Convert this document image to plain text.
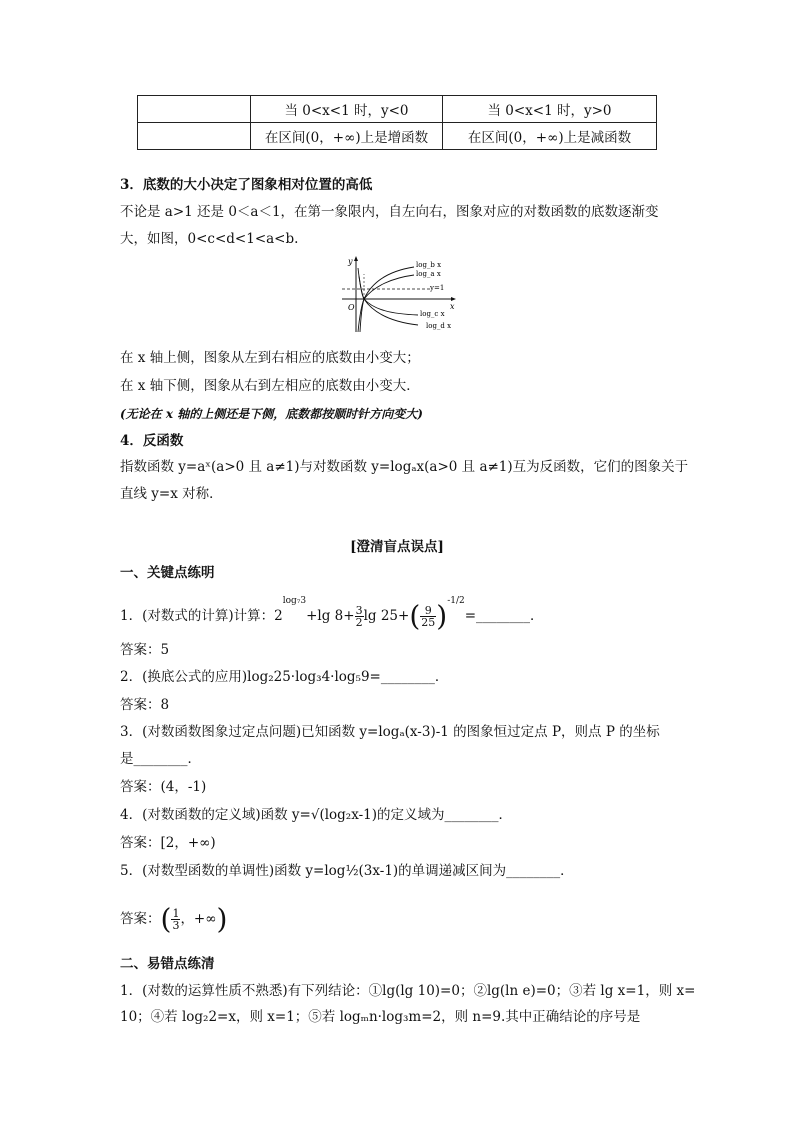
	当 0<x<1 时，y<0	当 0<x<1 时，y>0
	在区间(0，+∞)上是增函数	在区间(0，+∞)上是减函数
3．底数的大小决定了图象相对位置的高低
不论是 a>1 还是 0＜a＜1，在第一象限内，自左向右，图象对应的对数函数的底数逐渐变
大，如图，0<c<d<1<a<b.
y
x
O
y=1
log_b x
log_a x
log_c x
log_d x
在 x 轴上侧，图象从左到右相应的底数由小变大；
在 x 轴下侧，图象从右到左相应的底数由小变大．
(无论在 x 轴的上侧还是下侧，底数都按顺时针方向变大)
4．反函数
指数函数 y=aˣ(a>0 且 a≠1)与对数函数 y=logₐx(a>0 且 a≠1)互为反函数，它们的图象关于
直线 y=x 对称．
[澄清盲点误点]
一、关键点练明
1．(对数式的计算)计算：$2^{log_73}+\lg$ $8+ \frac{3}{2}$ $\lg 25+( \frac{9}{25}$ )$^{-1/2}=\_\_\_\_\_\_\_\_$．
答案：5
2．(换底公式的应用)log₂25·log₃4·log₅9=________．
答案：8
3．(对数函数图象过定点问题)已知函数 y=logₐ(x-3)-1 的图象恒过定点 P，则点 P 的坐标
是________．
答案：(4，-1)
4．(对数函数的定义域)函数 y=√(log₂x-1)的定义域为________．
答案：[2，+∞)
5．(对数型函数的单调性)函数 y=log½(3x-1)的单调递减区间为________．
答案：( $\frac{1}{3}$ ，+∞)
二、易错点练清
1．(对数的运算性质不熟悉)有下列结论：①lg(lg 10)=0；②lg(ln e)=0；③若 lg x=1，则 x=
10；④若 log₂2=x，则 x=1；⑤若 logₘn·log₃m=2，则 n=9.其中正确结论的序号是
